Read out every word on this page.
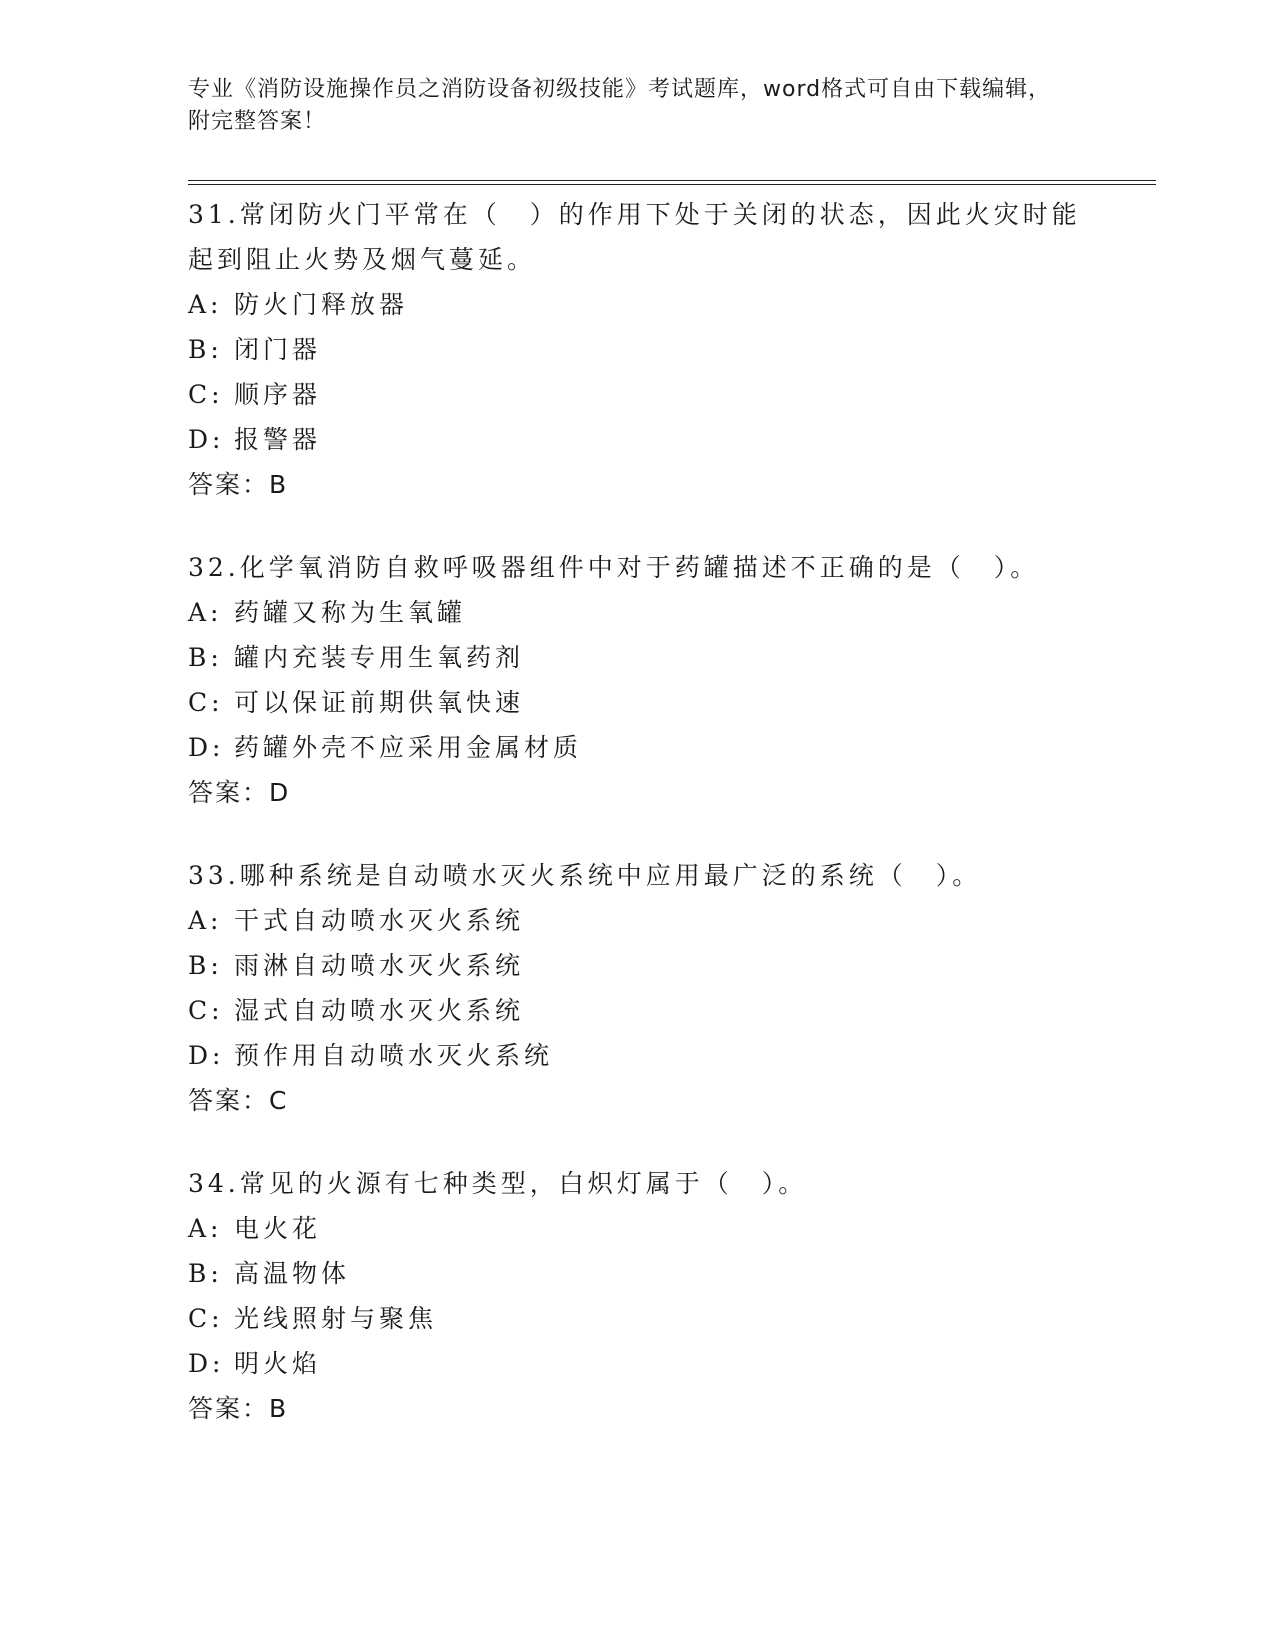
专业《消防设施操作员之消防设备初级技能》考试题库，word格式可自由下载编辑，附完整答案！

31.常闭防火门平常在（　）的作用下处于关闭的状态，因此火灾时能起到阻止火势及烟气蔓延。

A: 防火门释放器
B: 闭门器
C: 顺序器
D: 报警器
答案：B

32.化学氧消防自救呼吸器组件中对于药罐描述不正确的是（　）。

A: 药罐又称为生氧罐
B: 罐内充装专用生氧药剂
C: 可以保证前期供氧快速
D: 药罐外壳不应采用金属材质
答案：D

33.哪种系统是自动喷水灭火系统中应用最广泛的系统（　）。

A: 干式自动喷水灭火系统
B: 雨淋自动喷水灭火系统
C: 湿式自动喷水灭火系统
D: 预作用自动喷水灭火系统
答案：C

34.常见的火源有七种类型，白炽灯属于（　）。

A: 电火花
B: 高温物体
C: 光线照射与聚焦
D: 明火焰
答案：B
